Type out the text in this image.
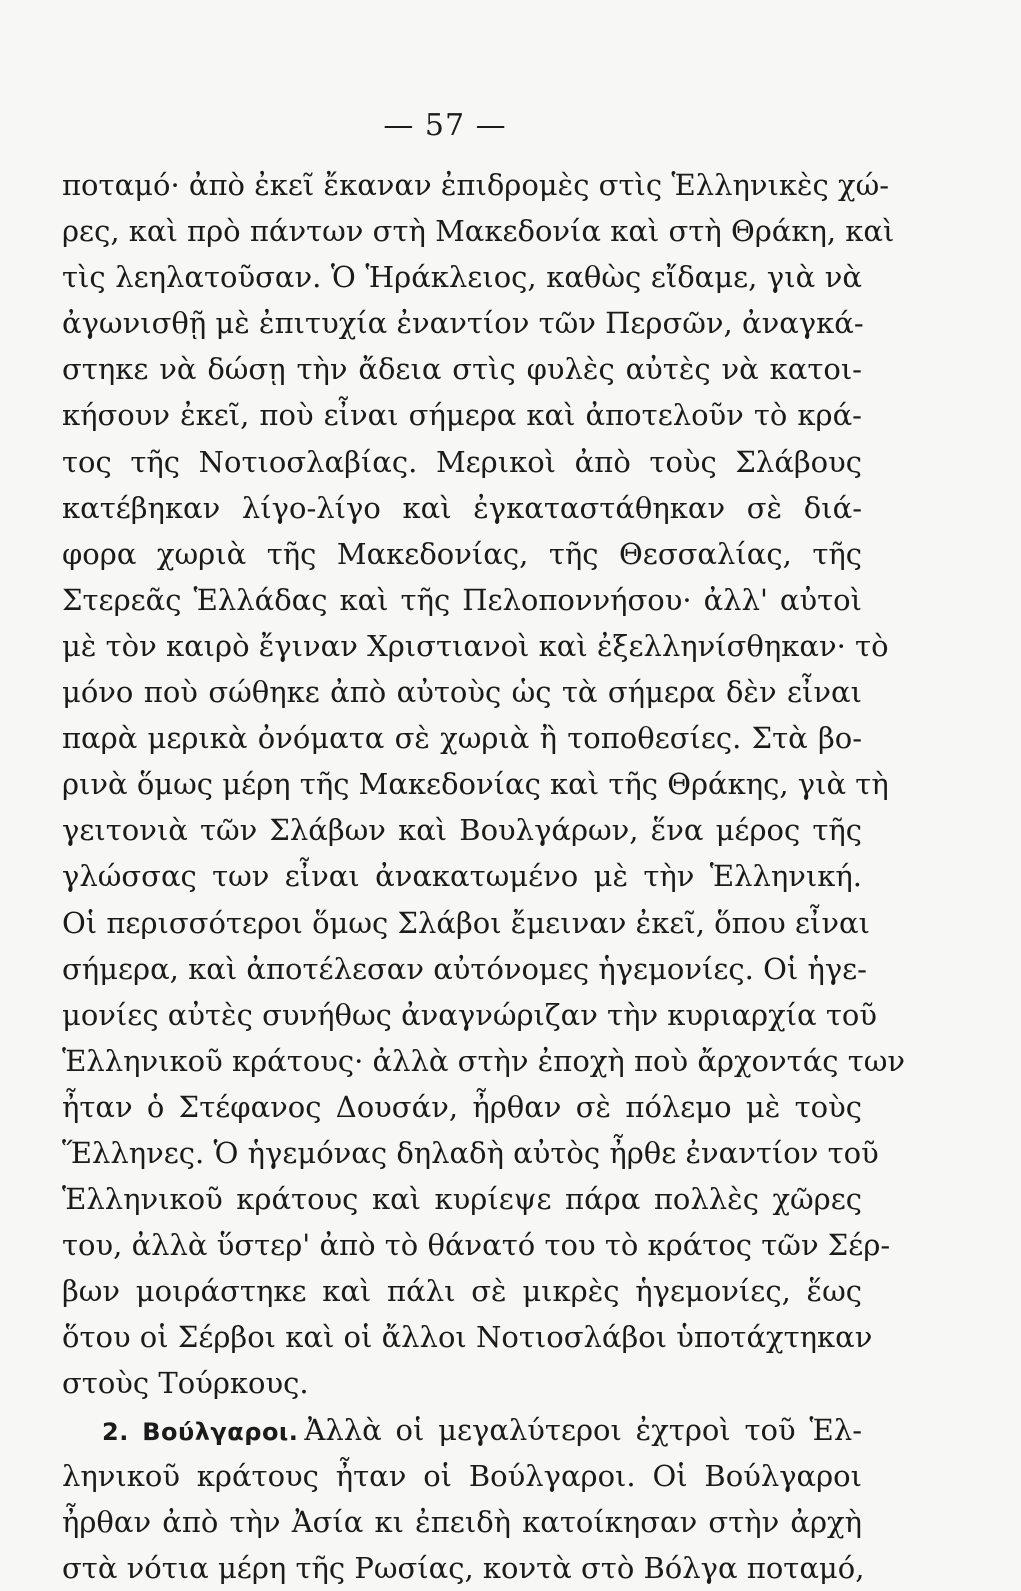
— 57 —
ποταμό· ἀπὸ ἐκεῖ ἔκαναν ἐπιδρομὲς στὶς Ἑλληνικὲς χώ-
ρες, καὶ πρὸ πάντων στὴ Μακεδονία καὶ στὴ Θράκη, καὶ
τὶς λεηλατοῦσαν. Ὁ Ἡράκλειος, καθὼς εἴδαμε, γιὰ νὰ
ἀγωνισθῇ μὲ ἐπιτυχία ἐναντίον τῶν Περσῶν, ἀναγκά-
στηκε νὰ δώσῃ τὴν ἄδεια στὶς φυλὲς αὐτὲς νὰ κατοι-
κήσουν ἐκεῖ, ποὺ εἶναι σήμερα καὶ ἀποτελοῦν τὸ κρά-
τος τῆς Νοτιοσλαβίας. Μερικοὶ ἀπὸ τοὺς Σλάβους
κατέβηκαν λίγο-λίγο καὶ ἐγκαταστάθηκαν σὲ διά-
φορα χωριὰ τῆς Μακεδονίας, τῆς Θεσσαλίας, τῆς
Στερεᾶς Ἑλλάδας καὶ τῆς Πελοποννήσου· ἀλλ' αὐτοὶ
μὲ τὸν καιρὸ ἔγιναν Χριστιανοὶ καὶ ἐξελληνίσθηκαν· τὸ
μόνο ποὺ σώθηκε ἀπὸ αὐτοὺς ὡς τὰ σήμερα δὲν εἶναι
παρὰ μερικὰ ὀνόματα σὲ χωριὰ ἢ τοποθεσίες. Στὰ βο-
ρινὰ ὅμως μέρη τῆς Μακεδονίας καὶ τῆς Θράκης, γιὰ τὴ
γειτονιὰ τῶν Σλάβων καὶ Βουλγάρων, ἕνα μέρος τῆς
γλώσσας των εἶναι ἀνακατωμένο μὲ τὴν Ἑλληνική.
Οἱ περισσότεροι ὅμως Σλάβοι ἔμειναν ἐκεῖ, ὅπου εἶναι
σήμερα, καὶ ἀποτέλεσαν αὐτόνομες ἡγεμονίες. Οἱ ἡγε-
μονίες αὐτὲς συνήθως ἀναγνώριζαν τὴν κυριαρχία τοῦ
Ἑλληνικοῦ κράτους· ἀλλὰ στὴν ἐποχὴ ποὺ ἄρχοντάς των
ἦταν ὁ Στέφανος Δουσάν, ἦρθαν σὲ πόλεμο μὲ τοὺς
Ἕλληνες. Ὁ ἡγεμόνας δηλαδὴ αὐτὸς ἦρθε ἐναντίον τοῦ
Ἑλληνικοῦ κράτους καὶ κυρίεψε πάρα πολλὲς χῶρες
του, ἀλλὰ ὕστερ' ἀπὸ τὸ θάνατό του τὸ κράτος τῶν Σέρ-
βων μοιράστηκε καὶ πάλι σὲ μικρὲς ἡγεμονίες, ἕως
ὅτου οἱ Σέρβοι καὶ οἱ ἄλλοι Νοτιοσλάβοι ὑποτάχτηκαν
στοὺς Τούρκους.
2. Βούλγαροι. Ἀλλὰ οἱ μεγαλύτεροι ἐχτροὶ τοῦ Ἑλ-
ληνικοῦ κράτους ἦταν οἱ Βούλγαροι. Οἱ Βούλγαροι
ἦρθαν ἀπὸ τὴν Ἀσία κι ἐπειδὴ κατοίκησαν στὴν ἀρχὴ
στὰ νότια μέρη τῆς Ρωσίας, κοντὰ στὸ Βόλγα ποταμό,
